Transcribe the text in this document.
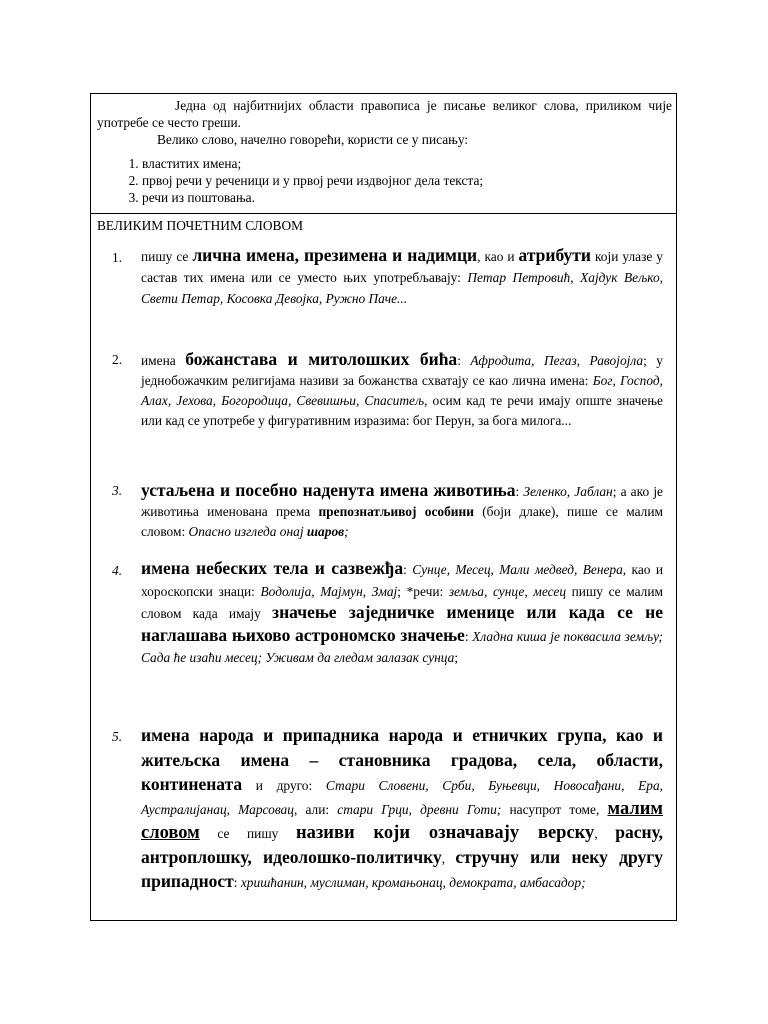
Једна од најбитнијих области правописа је писање великог слова, приликом чије употребе се често греши.

Велико слово, начелно говорећи, користи се у писању:

1. властитих имена;
2. првој речи у реченици и у првој речи издвојног дела текста;
3. речи из поштовања.
ВЕЛИКИМ ПОЧЕТНИМ СЛОВОМ
1. пишу се лична имена, презимена и надимци, као и атрибути који улазе у састав тих имена или се уместо њих употребљавају: Петар Петровић, Хајдук Вељко, Свети Петар, Косовка Девојка, Ружно Паче...

2. имена божанстава и митолошких бића: Афродита, Пегаз, Равојојла; у једнобожачким религијама називи за божанства схватају се као лична имена: Бог, Господ, Алах, Јехова, Богородица, Свевишњи, Спаситељ, осим кад те речи имају опште значење или кад се употребе у фигуративним изразима: бог Перун, за бога милога...

3. устаљена и посебно наденута имена животиња: Зеленко, Јаблан; а ако је животиња именована према препознатљивој особини (боји длаке), пише се малим словом: Опасно изгледа онај шаров;

4. имена небеских тела и сазвежђа: Сунце, Месец, Мали медвед, Венера, као и хороскопски знаци: Водолија, Мајмун, Змај; *речи: земља, сунце, месец пишу се малим словом када имају значење заједничке именице или када се не наглашава њихово астрономско значење: Хладна киша је поквасила земљу; Сада ће изаћи месец; Уживам да гледам залазак сунца;

5. имена народа и припадника народа и етничких група, као и житељска имена – становника градова, села, области, континената и друго: Стари Словени, Срби, Буњевци, Новосађани, Ера, Аустралијанац, Марсовац, али: стари Грци, древни Готи; насупрот томе, малим словом се пишу називи који означавају верску, расну, антроплошку, идеолошко-политичку, стручну или неку другу припадност: хришћанин, муслиман, кромањонац, демократа, амбасадор;
